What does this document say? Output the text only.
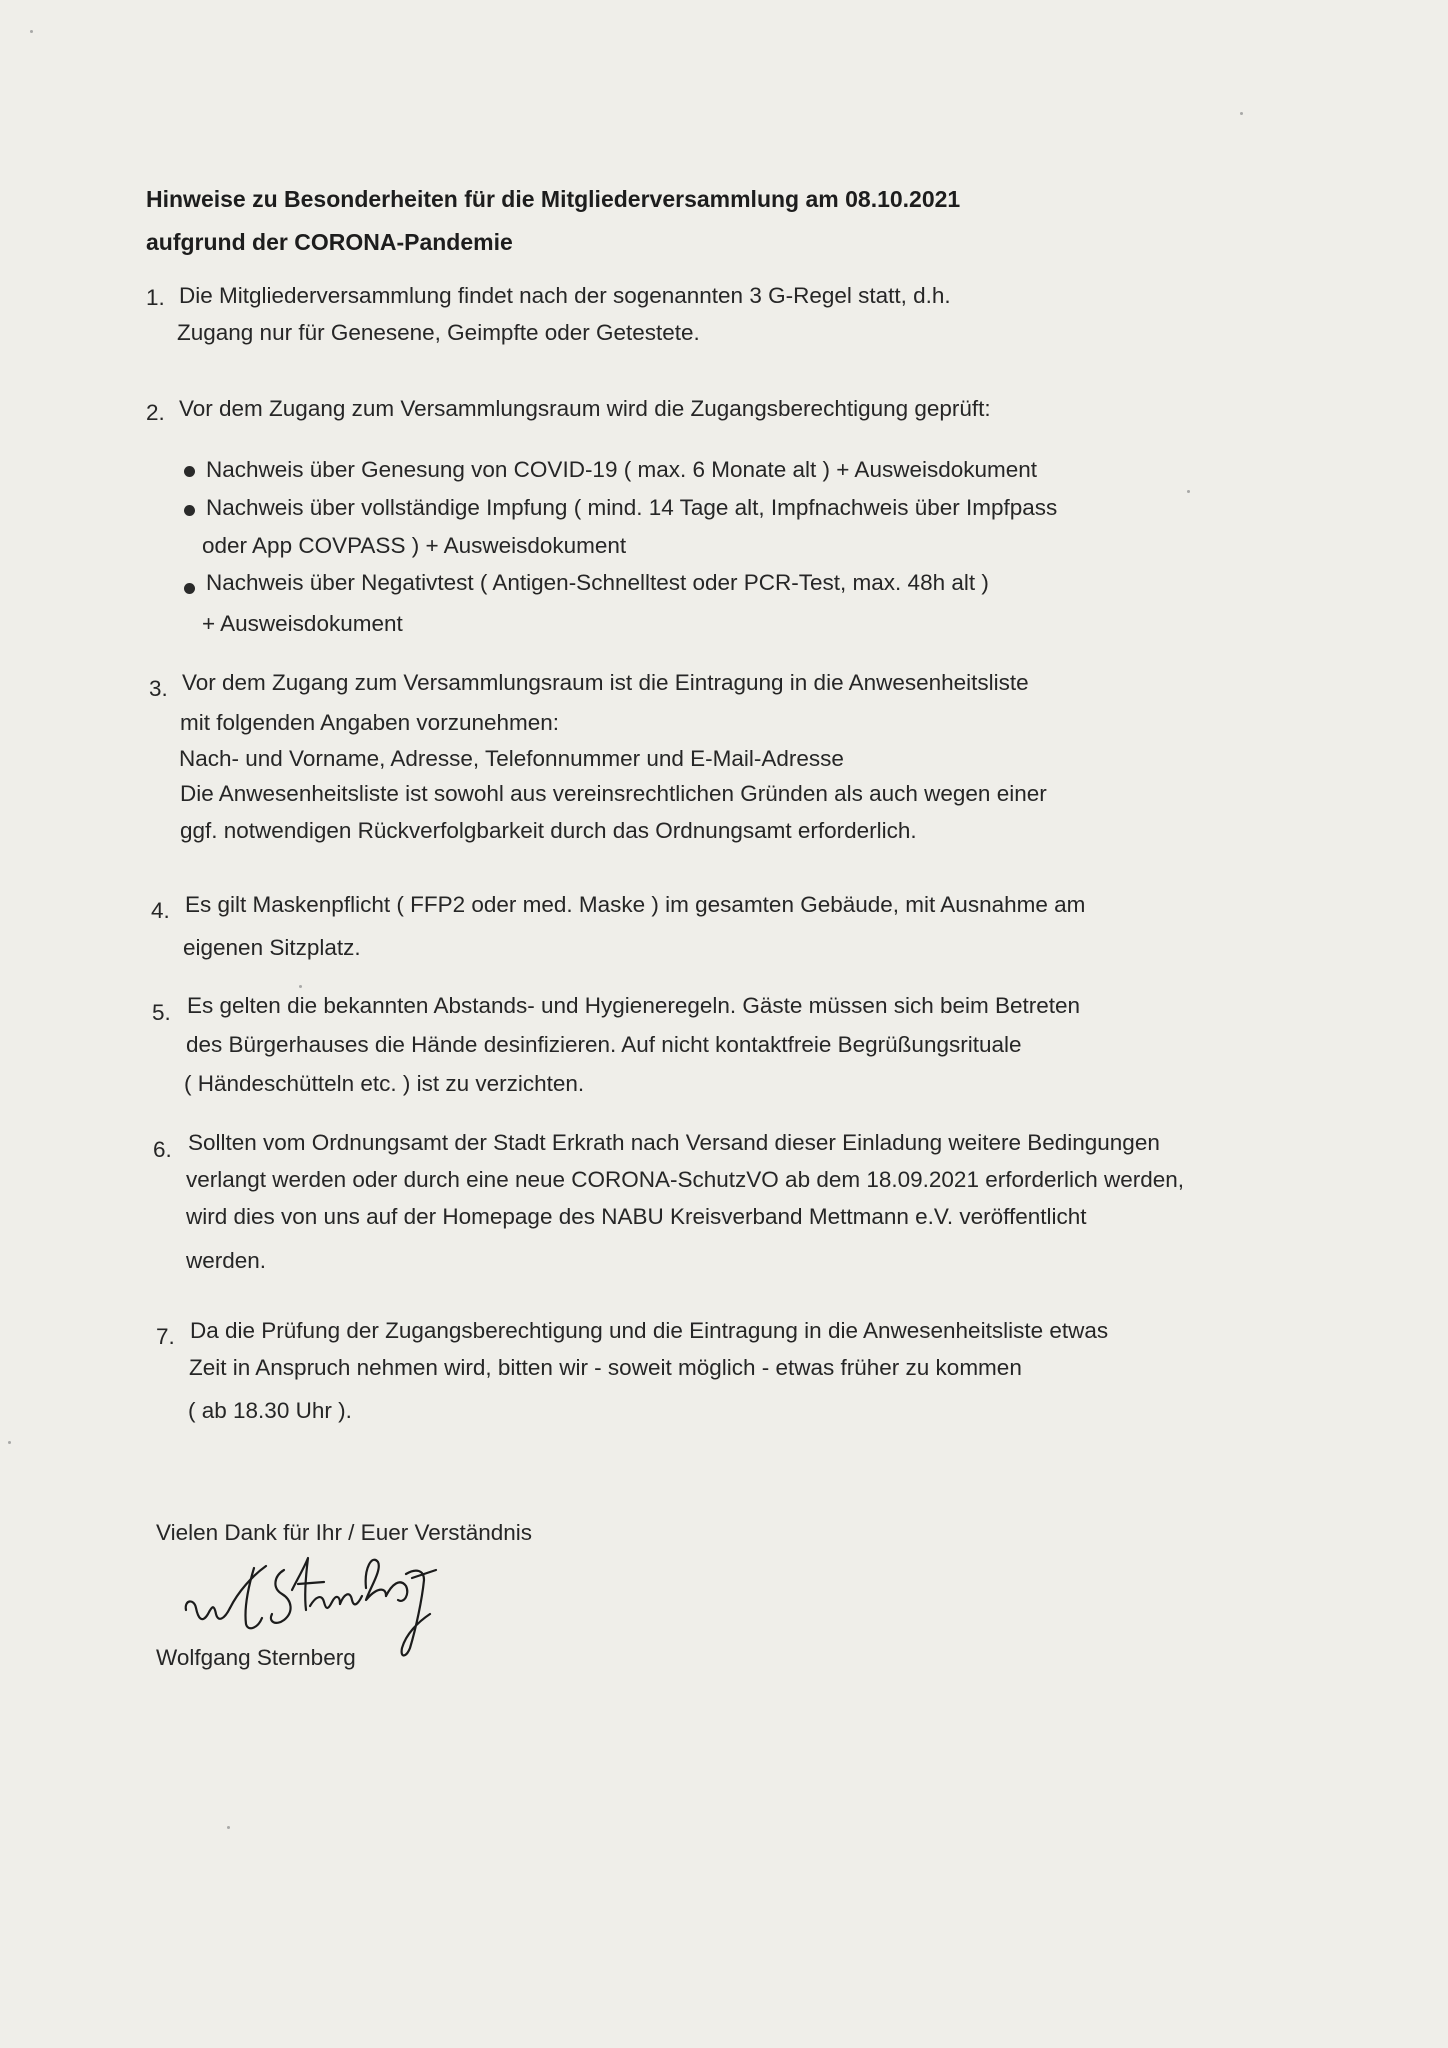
Hinweise zu Besonderheiten für die Mitgliederversammlung am 08.10.2021
aufgrund der CORONA-Pandemie
1. Die Mitgliederversammlung findet nach der sogenannten 3 G-Regel statt, d.h.
Zugang nur für Genesene, Geimpfte oder Getestete.
2. Vor dem Zugang zum Versammlungsraum wird die Zugangsberechtigung geprüft:
Nachweis über Genesung von COVID-19 ( max. 6 Monate alt ) + Ausweisdokument
Nachweis über vollständige Impfung ( mind. 14 Tage alt, Impfnachweis über Impfpass
oder App COVPASS ) + Ausweisdokument
Nachweis über Negativtest ( Antigen-Schnelltest oder PCR-Test, max. 48h alt )
+ Ausweisdokument
3. Vor dem Zugang zum Versammlungsraum ist die Eintragung in die Anwesenheitsliste
mit folgenden Angaben vorzunehmen:
Nach- und Vorname, Adresse, Telefonnummer und E-Mail-Adresse
Die Anwesenheitsliste ist sowohl aus vereinsrechtlichen Gründen als auch wegen einer
ggf. notwendigen Rückverfolgbarkeit durch das Ordnungsamt erforderlich.
4. Es gilt Maskenpflicht ( FFP2 oder med. Maske ) im gesamten Gebäude, mit Ausnahme am
eigenen Sitzplatz.
5. Es gelten die bekannten Abstands- und Hygieneregeln. Gäste müssen sich beim Betreten
des Bürgerhauses die Hände desinfizieren. Auf nicht kontaktfreie Begrüßungsrituale
( Händeschütteln etc. ) ist zu verzichten.
6. Sollten vom Ordnungsamt der Stadt Erkrath nach Versand dieser Einladung weitere Bedingungen
verlangt werden oder durch eine neue CORONA-SchutzVO ab dem 18.09.2021 erforderlich werden,
wird dies von uns auf der Homepage des NABU Kreisverband Mettmann e.V. veröffentlicht
werden.
7. Da die Prüfung der Zugangsberechtigung und die Eintragung in die Anwesenheitsliste etwas
Zeit in Anspruch nehmen wird, bitten wir - soweit möglich - etwas früher zu kommen
( ab 18.30 Uhr ).
Vielen Dank für Ihr / Euer Verständnis
Wolfgang Sternberg
